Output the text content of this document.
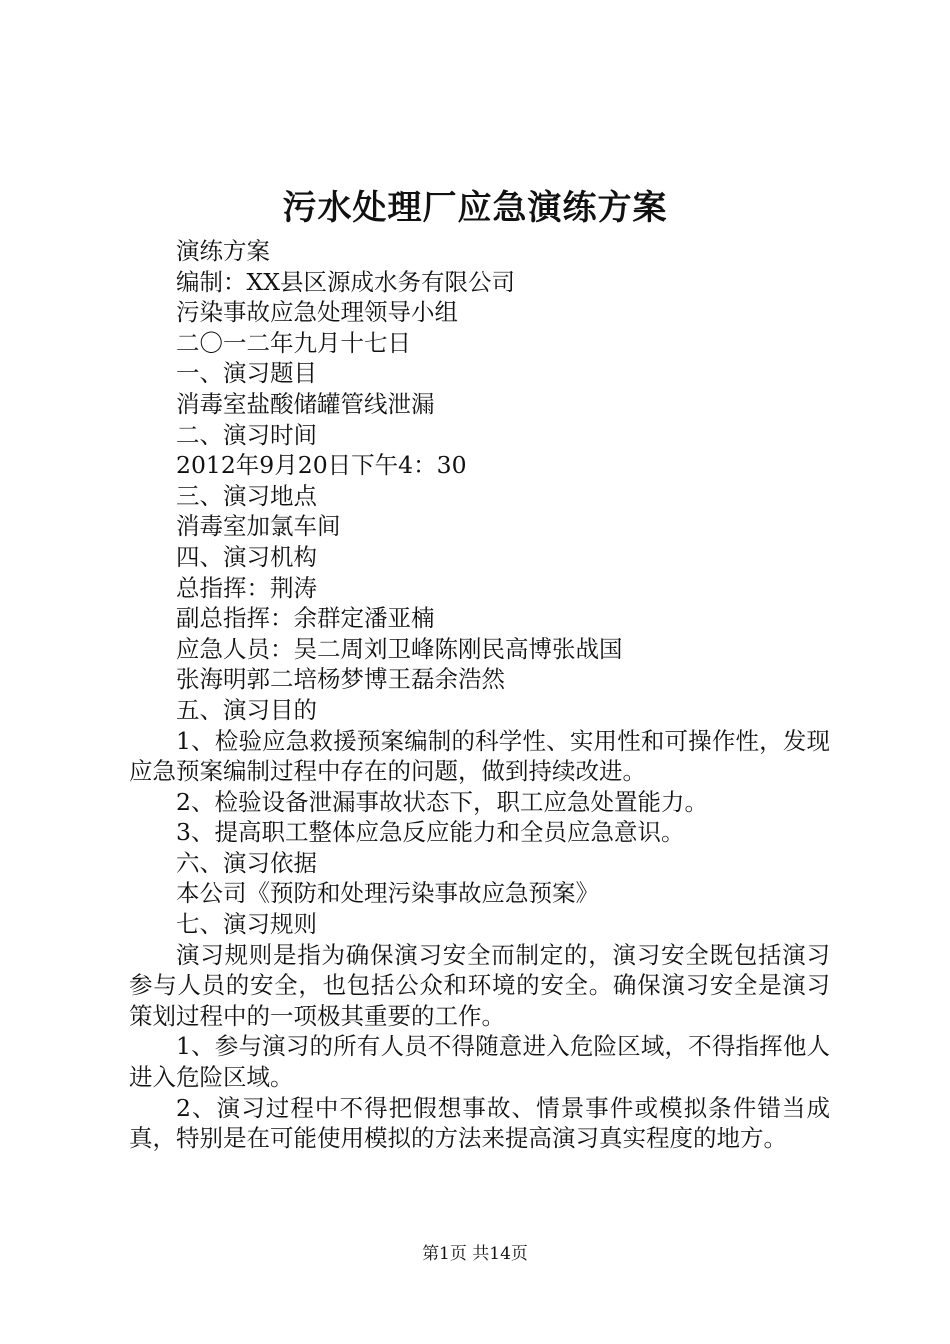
污水处理厂应急演练方案

演练方案

编制：XX县区源成水务有限公司

污染事故应急处理领导小组

二〇一二年九月十七日

一、演习题目

消毒室盐酸储罐管线泄漏

二、演习时间

2012年9月20日下午4：30

三、演习地点

消毒室加氯车间

四、演习机构

总指挥：荆涛

副总指挥：余群定潘亚楠

应急人员：吴二周刘卫峰陈刚民高博张战国

张海明郭二培杨梦博王磊余浩然

五、演习目的

1、检验应急救援预案编制的科学性、实用性和可操作性，发现应急预案编制过程中存在的问题，做到持续改进。

2、检验设备泄漏事故状态下，职工应急处置能力。

3、提高职工整体应急反应能力和全员应急意识。

六、演习依据

本公司《预防和处理污染事故应急预案》

七、演习规则

演习规则是指为确保演习安全而制定的，演习安全既包括演习参与人员的安全，也包括公众和环境的安全。确保演习安全是演习策划过程中的一项极其重要的工作。

1、参与演习的所有人员不得随意进入危险区域，不得指挥他人进入危险区域。

2、演习过程中不得把假想事故、情景事件或模拟条件错当成真，特别是在可能使用模拟的方法来提高演习真实程度的地方。

第1页 共14页
